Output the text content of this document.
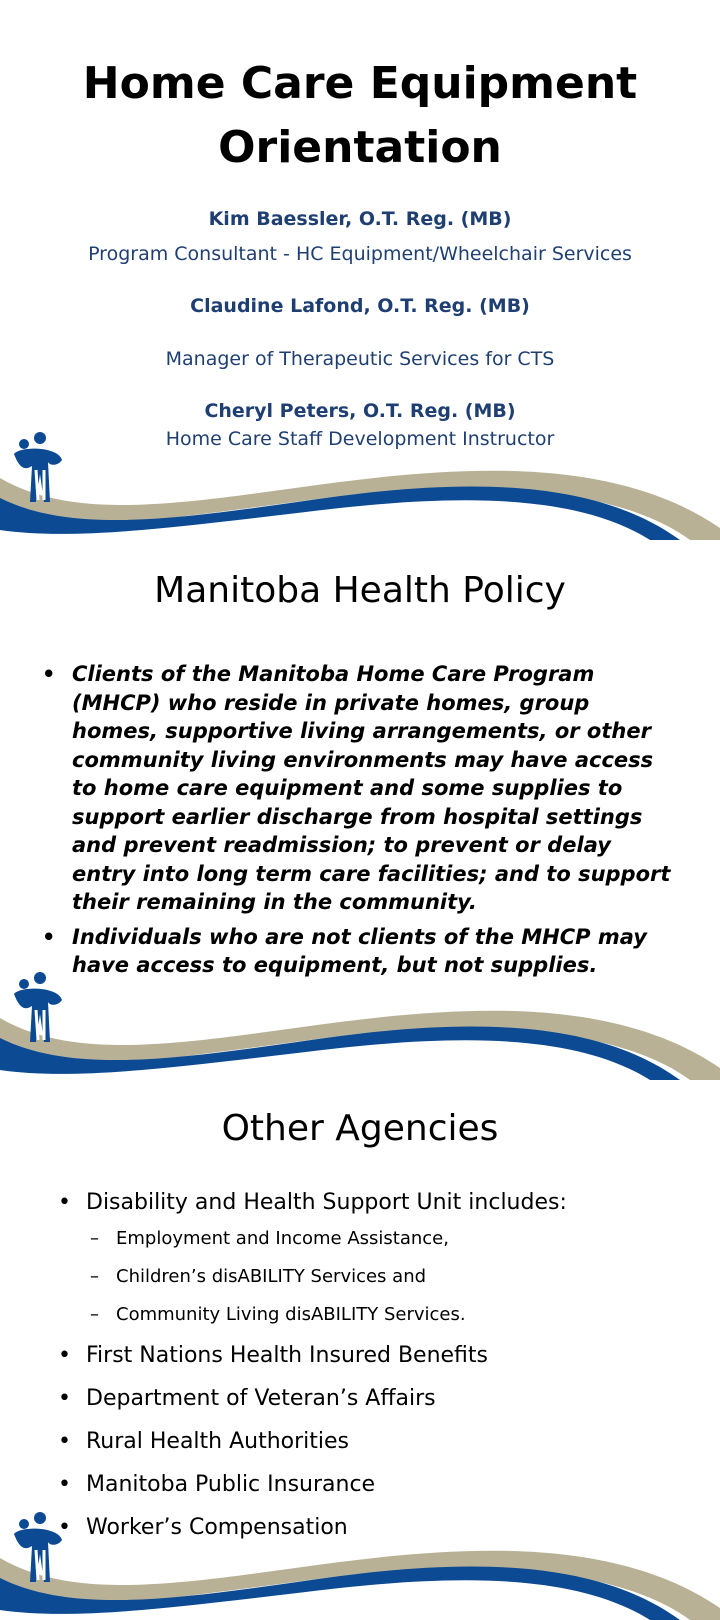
Home Care Equipment
Orientation

Kim Baessler, O.T. Reg. (MB)

Program Consultant - HC Equipment/Wheelchair Services

Claudine Lafond, O.T. Reg. (MB)

Manager of Therapeutic Services for CTS

Cheryl Peters, O.T. Reg. (MB)

Home Care Staff Development Instructor

Manitoba Health Policy
• Clients of the Manitoba Home Care Program (MHCP) who reside in private homes, group homes, supportive living arrangements, or other community living environments may have access to home care equipment and some supplies to support earlier discharge from hospital settings and prevent readmission; to prevent or delay entry into long term care facilities; and to support their remaining in the community.
• Individuals who are not clients of the MHCP may have access to equipment, but not supplies.
Other Agencies
• Disability and Health Support Unit includes:
– Employment and Income Assistance,
– Children’s disABILITY Services and
– Community Living disABILITY Services.
• First Nations Health Insured Benefits
• Department of Veteran’s Affairs
• Rural Health Authorities
• Manitoba Public Insurance
• Worker’s Compensation
